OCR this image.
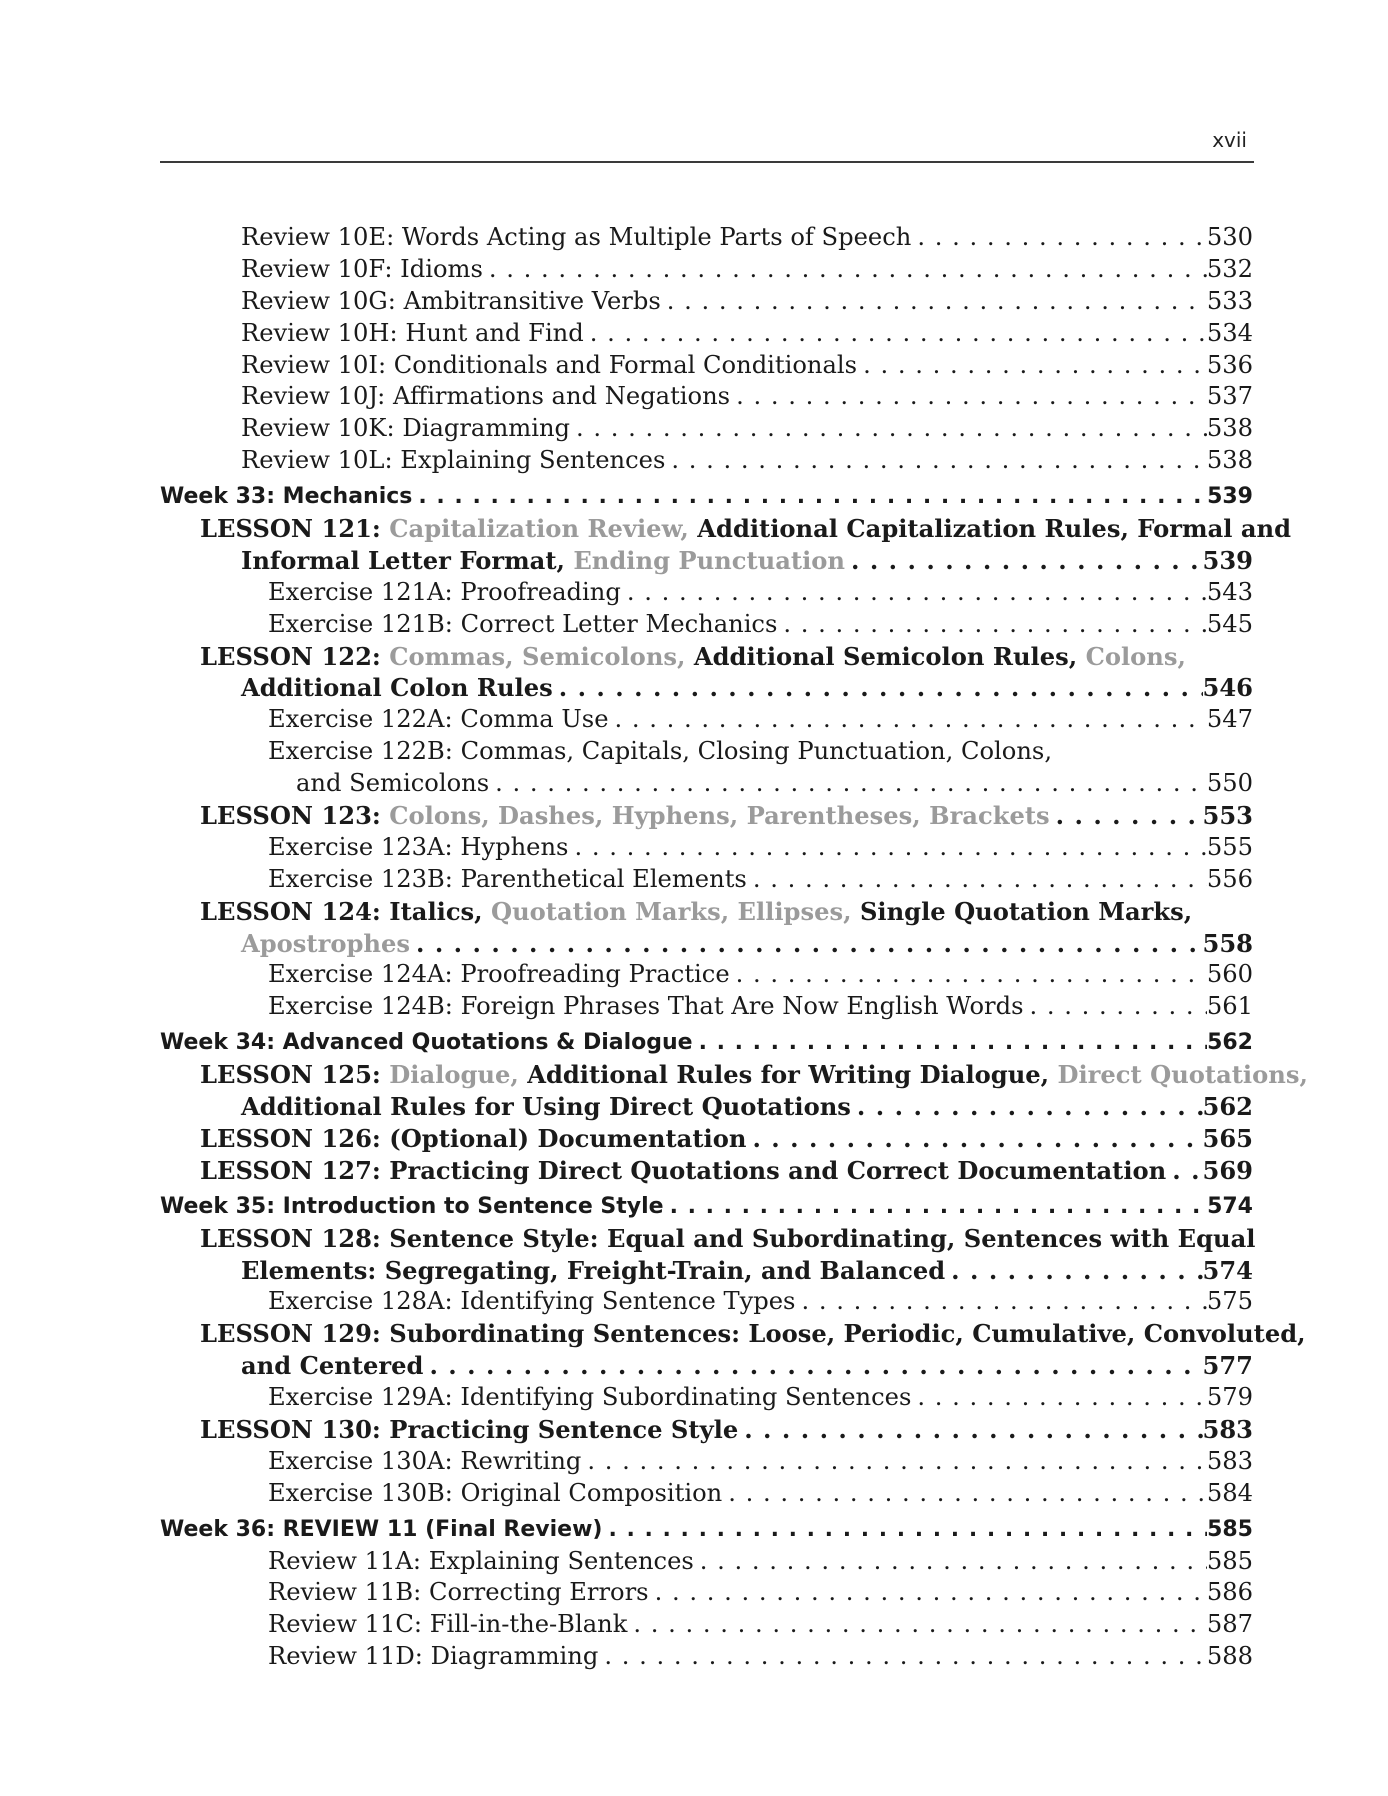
xvii
Review 10E: Words Acting as Multiple Parts of Speech . . .	530
Review 10F: Idioms . . .	532
Review 10G: Ambitransitive Verbs . . .	533
Review 10H: Hunt and Find . . .	534
Review 10I: Conditionals and Formal Conditionals . . .	536
Review 10J: Affirmations and Negations . . .	537
Review 10K: Diagramming . . .	538
Review 10L: Explaining Sentences . . .	538
Week 33: Mechanics . . .	539
LESSON 121: Capitalization Review, Additional Capitalization Rules, Formal and
Informal Letter Format, Ending Punctuation . . .	539
Exercise 121A: Proofreading . . .	543
Exercise 121B: Correct Letter Mechanics . . .	545
LESSON 122: Commas, Semicolons, Additional Semicolon Rules, Colons,
Additional Colon Rules . . .	546
Exercise 122A: Comma Use . . .	547
Exercise 122B: Commas, Capitals, Closing Punctuation, Colons,
and Semicolons . . .	550
LESSON 123: Colons, Dashes, Hyphens, Parentheses, Brackets . . .	553
Exercise 123A: Hyphens . . .	555
Exercise 123B: Parenthetical Elements . . .	556
LESSON 124: Italics, Quotation Marks, Ellipses, Single Quotation Marks,
Apostrophes . . .	558
Exercise 124A: Proofreading Practice . . .	560
Exercise 124B: Foreign Phrases That Are Now English Words . . .	561
Week 34: Advanced Quotations & Dialogue . . .	562
LESSON 125: Dialogue, Additional Rules for Writing Dialogue, Direct Quotations,
Additional Rules for Using Direct Quotations . . .	562
LESSON 126: (Optional) Documentation . . .	565
LESSON 127: Practicing Direct Quotations and Correct Documentation . . . 569
Week 35: Introduction to Sentence Style . . .	574
LESSON 128: Sentence Style: Equal and Subordinating, Sentences with Equal
Elements: Segregating, Freight-Train, and Balanced . . .	574
Exercise 128A: Identifying Sentence Types . . .	575
LESSON 129: Subordinating Sentences: Loose, Periodic, Cumulative, Convoluted,
and Centered . . .	577
Exercise 129A: Identifying Subordinating Sentences . . .	579
LESSON 130: Practicing Sentence Style . . .	583
Exercise 130A: Rewriting . . .	583
Exercise 130B: Original Composition . . .	584
Week 36: REVIEW 11 (Final Review) . . .	585
Review 11A: Explaining Sentences . . .	585
Review 11B: Correcting Errors . . .	586
Review 11C: Fill-in-the-Blank . . .	587
Review 11D: Diagramming . . .	588
